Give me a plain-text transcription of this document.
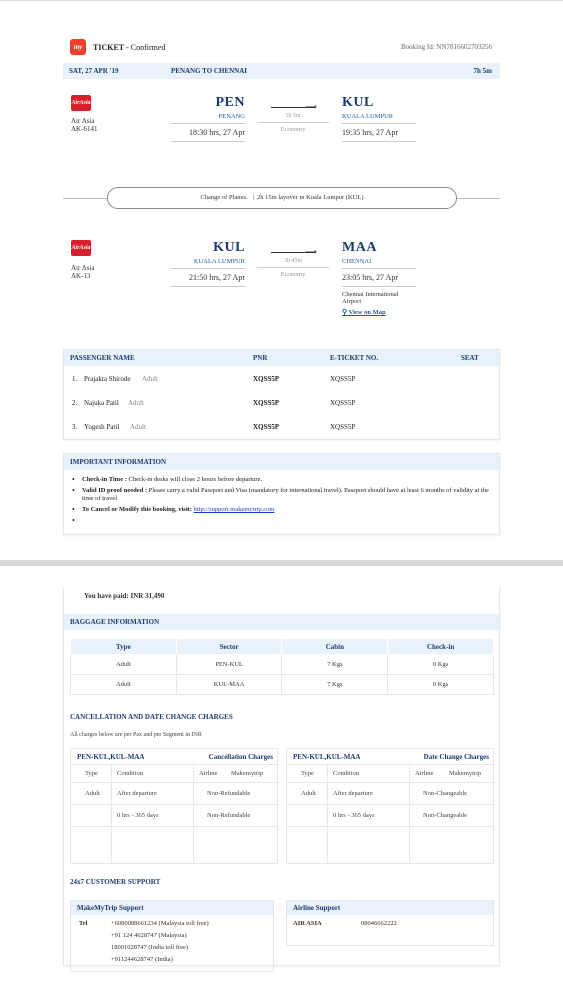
my	TICKET - Confirmed	Booking Id: NN7816602703256
SAT, 27 APR '19	PENANG TO CHENNAI	7h 5m
AirAsia
Air Asia
AK-6141
PEN
PENANG
18:30 hrs, 27 Apr
⟶
1h 5m
Economy
KUL
KUALA LUMPUR
19:35 hrs, 27 Apr
Change of Planes.   |  2h 15m layover in Kuala Lumpur (KUL)
AirAsia
Air Asia
AK-13
KUL
KUALA LUMPUR
21:50 hrs, 27 Apr
⟶
3h 45m
Economy
MAA
CHENNAI
23:05 hrs, 27 Apr
Chennai International Airport
⚲ View on Map
PASSENGER NAME	PNR	E-TICKET NO.	SEAT
1. Prajakta Shirode Adult	XQSS5P	XQSS5P
2. Najuka Patil Adult	XQSS5P	XQSS5P
3. Yogesh Patil Adult	XQSS5P	XQSS5P
IMPORTANT INFORMATION
• Check-in Time : Check-in desks will close 2 hours before departure.
• Valid ID proof needed : Please carry a valid Passport and Visa (mandatory for international travel). Passport should have at least 6 months of validity at the time of travel
• To Cancel or Modify this booking, visit: http://support.makemytrip.com
You have paid: INR 31,490
BAGGAGE INFORMATION
Type	Sector	Cabin	Check-in
Adult	PEN-KUL	7 Kgs	0 Kgs
Adult	KUL-MAA	7 Kgs	0 Kgs
CANCELLATION AND DATE CHANGE CHARGES
All charges below are per Pax and per Segment in INR
PEN-KUL,KUL-MAA	Cancellation Charges
Type	Condition	Airline Makemytrip
Adult	After departure	Non-Refundable
0 hrs - 365 days	Non-Refundable
PEN-KUL,KUL-MAA	Date Change Charges
Type	Condition	Airline Makemytrip
Adult	After departure	Non-Changeable
0 hrs - 365 days	Non-Changeable
24x7 CUSTOMER SUPPORT
MakeMyTrip Support
Tel	+6080088661234 (Malaysia toll free)
+91 124 4628747 (Malaysia)
18001028747 (India toll free)
+911244628747 (India)
Airline Support
AIR ASIA	08046662222
